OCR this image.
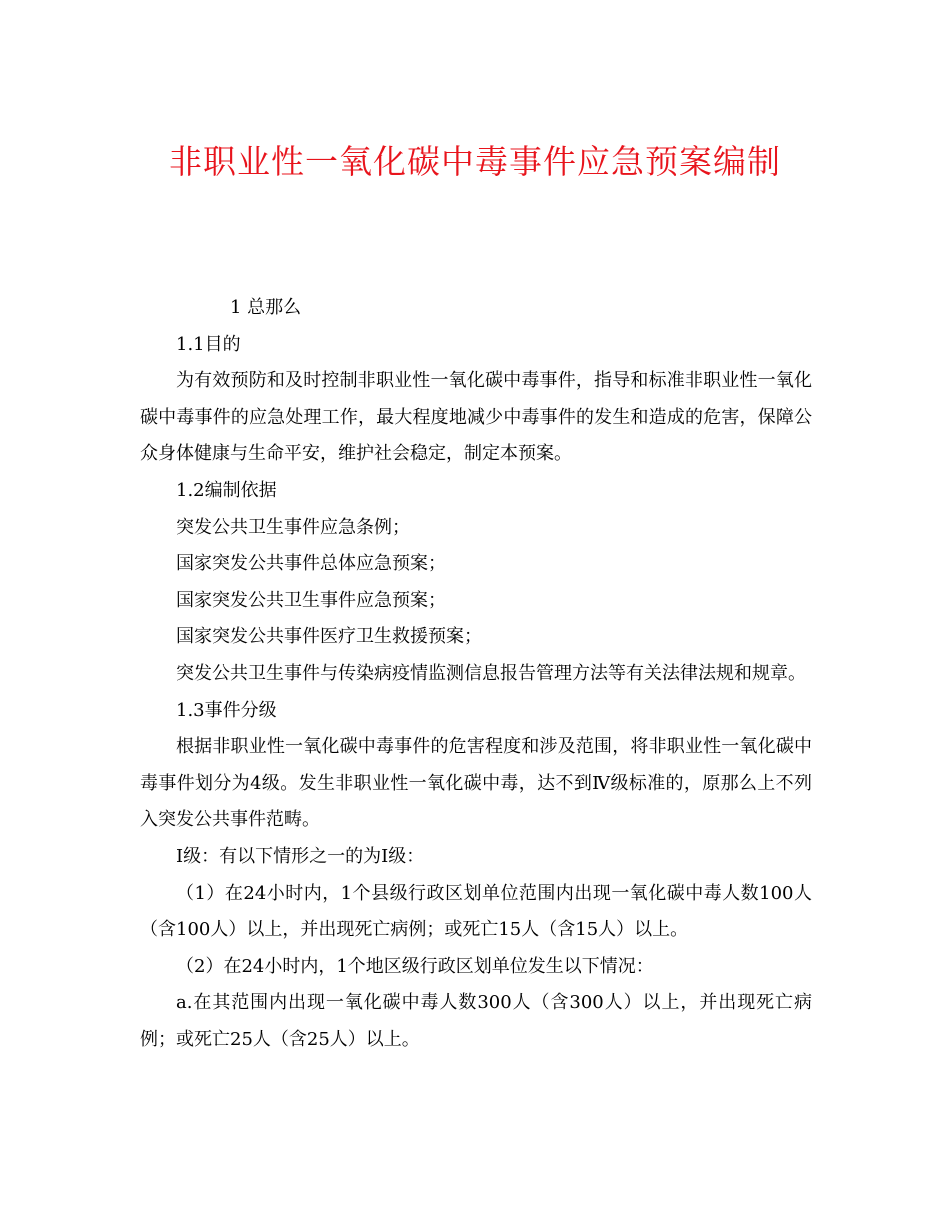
非职业性一氧化碳中毒事件应急预案编制

1 总那么

1.1目的

为有效预防和及时控制非职业性一氧化碳中毒事件，指导和标准非职业性一氧化碳中毒事件的应急处理工作，最大程度地减少中毒事件的发生和造成的危害，保障公众身体健康与生命平安，维护社会稳定，制定本预案。

1.2编制依据

突发公共卫生事件应急条例；

国家突发公共事件总体应急预案；

国家突发公共卫生事件应急预案；

国家突发公共事件医疗卫生救援预案；

突发公共卫生事件与传染病疫情监测信息报告管理方法等有关法律法规和规章。

1.3事件分级

根据非职业性一氧化碳中毒事件的危害程度和涉及范围，将非职业性一氧化碳中毒事件划分为4级。发生非职业性一氧化碳中毒，达不到Ⅳ级标准的，原那么上不列入突发公共事件范畴。

Ⅰ级：有以下情形之一的为Ⅰ级：

（1）在24小时内，1个县级行政区划单位范围内出现一氧化碳中毒人数100人（含100人）以上，并出现死亡病例；或死亡15人（含15人）以上。

（2）在24小时内，1个地区级行政区划单位发生以下情况：

a.在其范围内出现一氧化碳中毒人数300人（含300人）以上，并出现死亡病例；或死亡25人（含25人）以上。
